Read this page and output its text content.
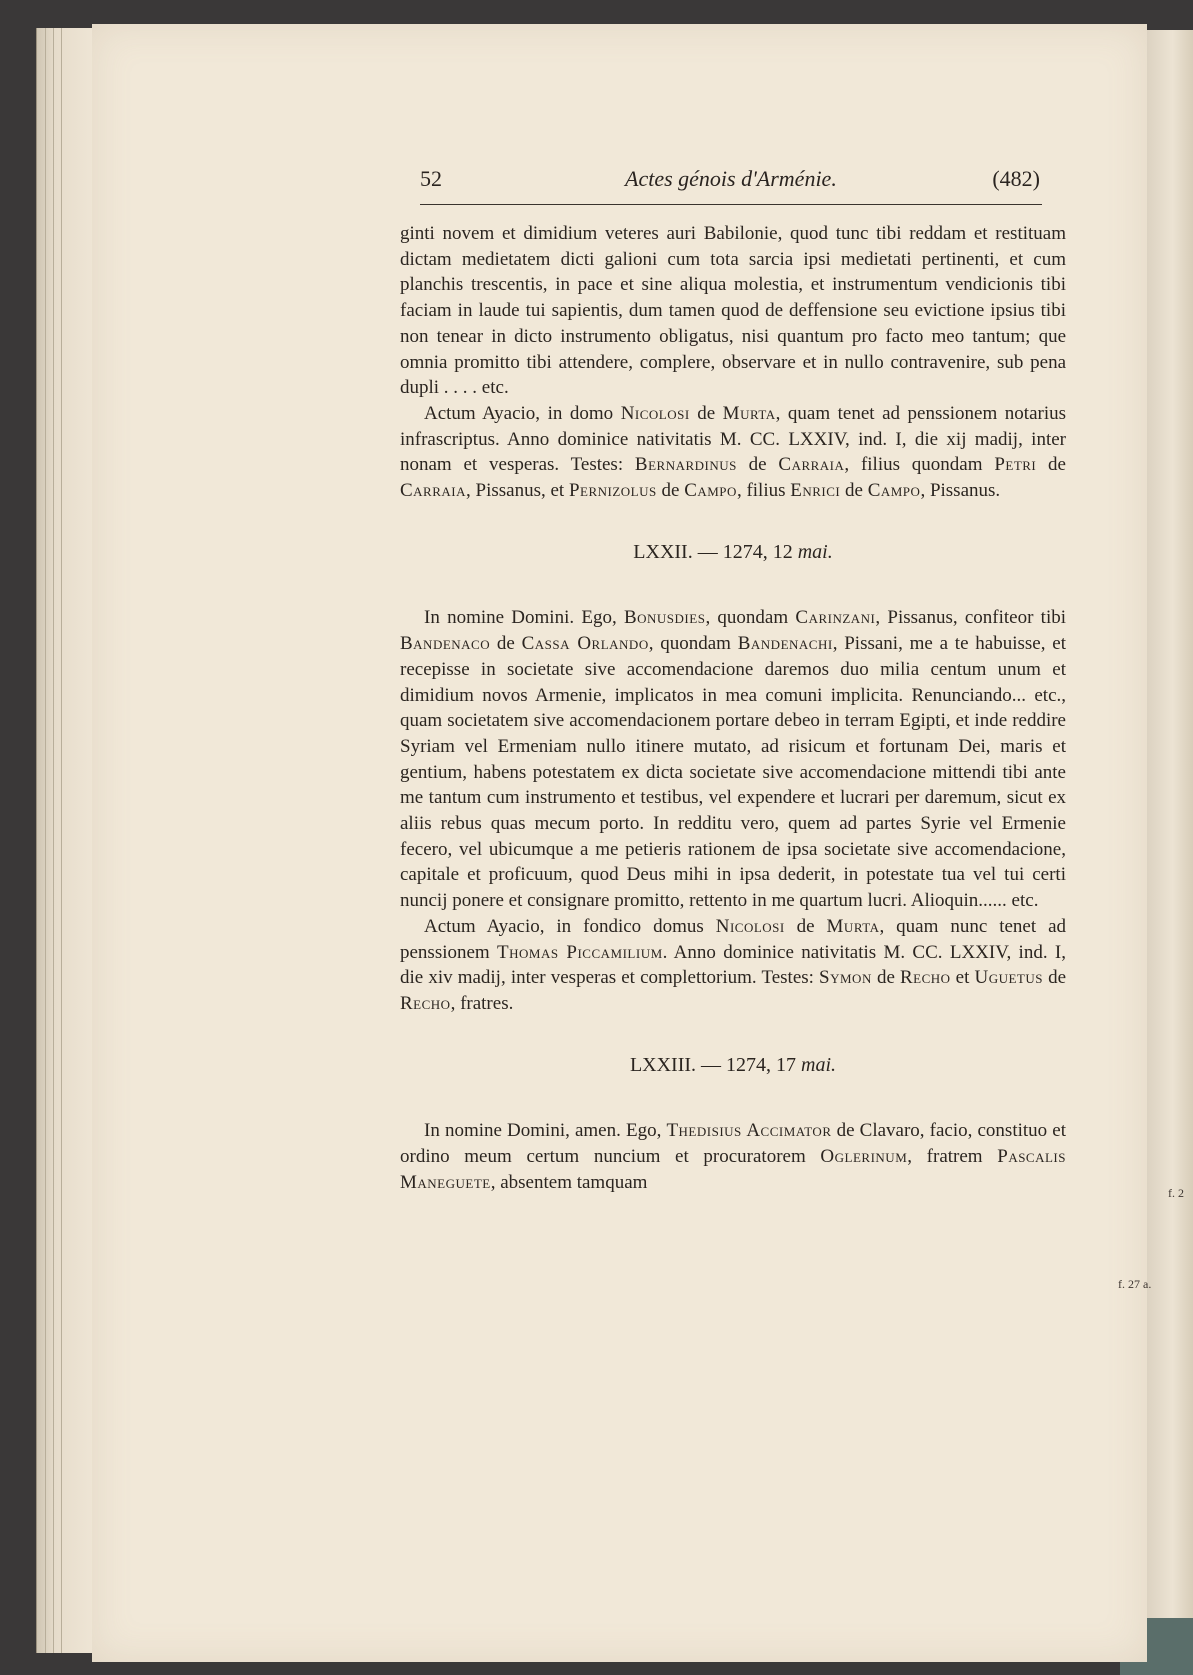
52	Actes génois d'Arménie.	(482)
f. 2
f. 27 a.

ginti novem et dimidium veteres auri Babilonie, quod tunc tibi reddam et restituam dictam medietatem dicti galioni cum tota sarcia ipsi medietati pertinenti, et cum planchis trescentis, in pace et sine aliqua molestia, et instrumentum vendicionis tibi faciam in laude tui sapientis, dum tamen quod de deffensione seu evictione ipsius tibi non tenear in dicto instrumento obligatus, nisi quantum pro facto meo tantum; que omnia promitto tibi attendere, complere, observare et in nullo contravenire, sub pena dupli . . . . etc.

Actum Ayacio, in domo Nicolosi de Murta, quam tenet ad penssionem notarius infrascriptus. Anno dominice nativitatis M. CC. LXXIV, ind. I, die xij madij, inter nonam et vesperas. Testes: Bernardinus de Carraia, filius quondam Petri de Carraia, Pissanus, et Pernizolus de Campo, filius Enrici de Campo, Pissanus.

LXXII. — 1274, 12 mai.

In nomine Domini. Ego, Bonusdies, quondam Carinzani, Pissanus, confiteor tibi Bandenaco de Cassa Orlando, quondam Bandenachi, Pissani, me a te habuisse, et recepisse in societate sive accomendacione daremos duo milia centum unum et dimidium novos Armenie, implicatos in mea comuni implicita. Renunciando... etc., quam societatem sive accomendacionem portare debeo in terram Egipti, et inde reddire Syriam vel Ermeniam nullo itinere mutato, ad risicum et fortunam Dei, maris et gentium, habens potestatem ex dicta societate sive accomendacione mittendi tibi ante me tantum cum instrumento et testibus, vel expendere et lucrari per daremum, sicut ex aliis rebus quas mecum porto. In redditu vero, quem ad partes Syrie vel Ermenie fecero, vel ubicumque a me petieris rationem de ipsa societate sive accomendacione, capitale et proficuum, quod Deus mihi in ipsa dederit, in potestate tua vel tui certi nuncij ponere et consignare promitto, rettento in me quartum lucri. Alioquin...... etc.

Actum Ayacio, in fondico domus Nicolosi de Murta, quam nunc tenet ad penssionem Thomas Piccamilium. Anno dominice nativitatis M. CC. LXXIV, ind. I, die xiv madij, inter vesperas et complettorium. Testes: Symon de Recho et Uguetus de Recho, fratres.

LXXIII. — 1274, 17 mai.

In nomine Domini, amen. Ego, Thedisius Accimator de Clavaro, facio, constituo et ordino meum certum nuncium et procuratorem Oglerinum, fratrem Pascalis Maneguete, absentem tamquam
